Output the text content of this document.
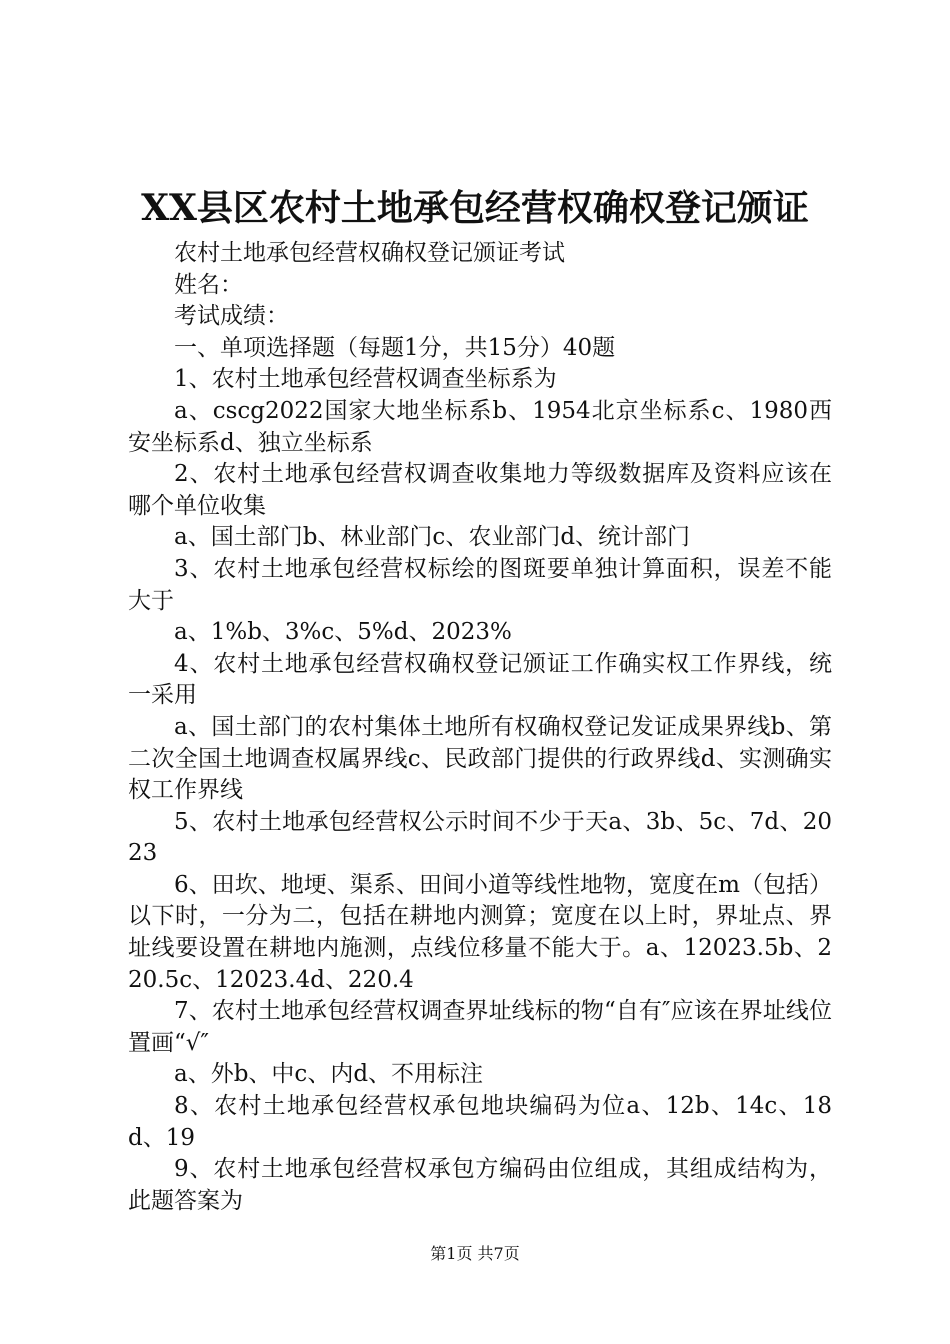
XX县区农村土地承包经营权确权登记颁证

农村土地承包经营权确权登记颁证考试

姓名：

考试成绩：

一、单项选择题（每题1分，共15分）40题

1、农村土地承包经营权调查坐标系为

a、cscg2022国家大地坐标系b、1954北京坐标系c、1980西安坐标系d、独立坐标系

2、农村土地承包经营权调查收集地力等级数据库及资料应该在哪个单位收集

a、国土部门b、林业部门c、农业部门d、统计部门

3、农村土地承包经营权标绘的图斑要单独计算面积，误差不能大于

a、1%b、3%c、5%d、2023%

4、农村土地承包经营权确权登记颁证工作确实权工作界线，统一采用

a、国土部门的农村集体土地所有权确权登记发证成果界线b、第二次全国土地调查权属界线c、民政部门提供的行政界线d、实测确实权工作界线

5、农村土地承包经营权公示时间不少于天a、3b、5c、7d、2023

6、田坎、地埂、渠系、田间小道等线性地物，宽度在m（包括）以下时，一分为二，包括在耕地内测算；宽度在以上时，界址点、界址线要设置在耕地内施测，点线位移量不能大于。a、12023.5b、220.5c、12023.4d、220.4

7、农村土地承包经营权调查界址线标的物“自有″应该在界址线位置画“√″

a、外b、中c、内d、不用标注

8、农村土地承包经营权承包地块编码为位a、12b、14c、18d、19

9、农村土地承包经营权承包方编码由位组成，其组成结构为，此题答案为

第1页 共7页
